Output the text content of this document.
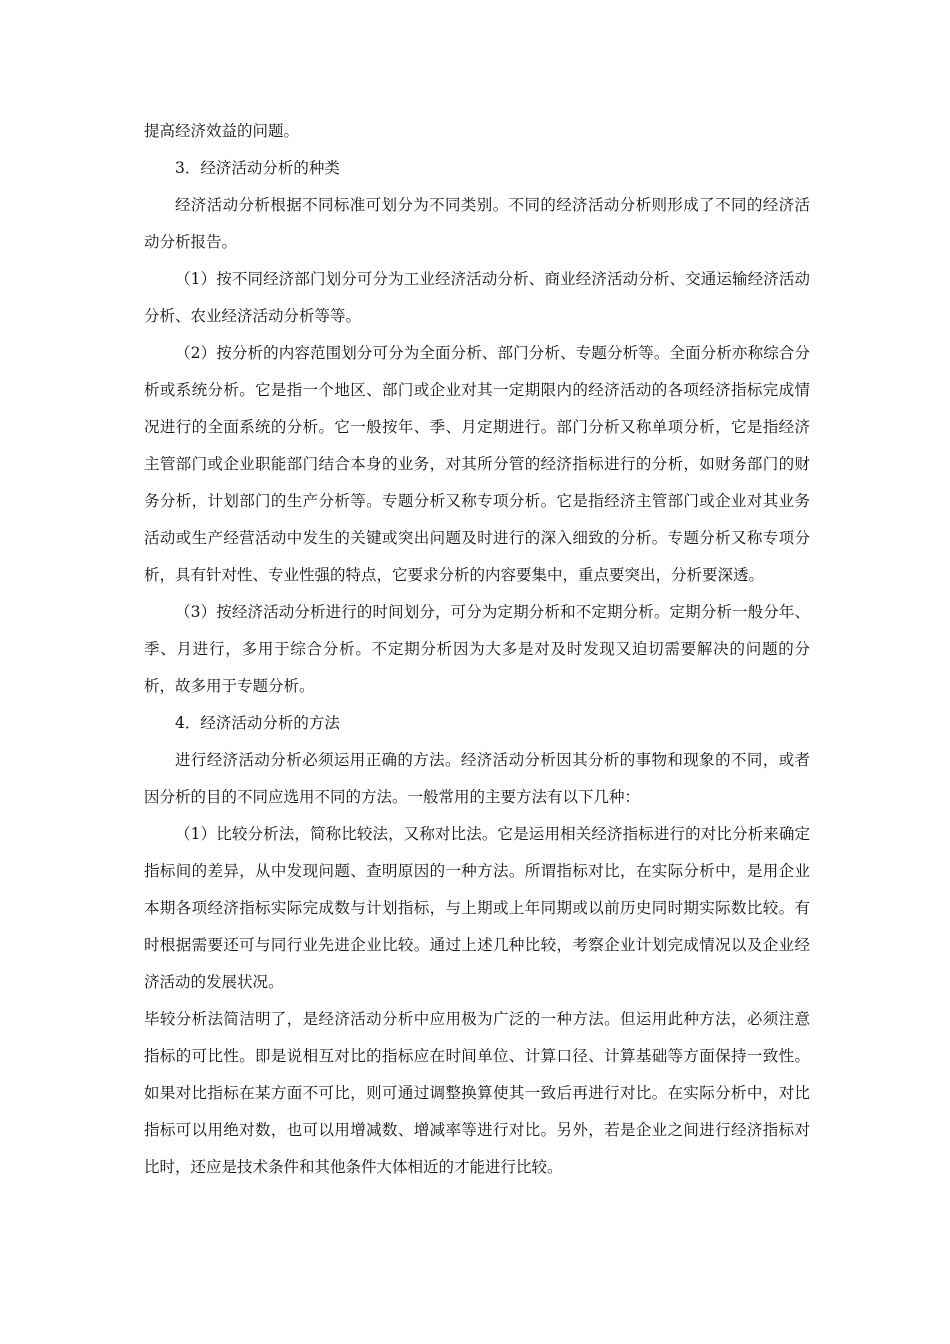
提高经济效益的问题。

3．经济活动分析的种类

经济活动分析根据不同标准可划分为不同类别。不同的经济活动分析则形成了不同的经济活动分析报告。

（1）按不同经济部门划分可分为工业经济活动分析、商业经济活动分析、交通运输经济活动分析、农业经济活动分析等等。

（2）按分析的内容范围划分可分为全面分析、部门分析、专题分析等。全面分析亦称综合分析或系统分析。它是指一个地区、部门或企业对其一定期限内的经济活动的各项经济指标完成情况进行的全面系统的分析。它一般按年、季、月定期进行。部门分析又称单项分析，它是指经济主管部门或企业职能部门结合本身的业务，对其所分管的经济指标进行的分析，如财务部门的财务分析，计划部门的生产分析等。专题分析又称专项分析。它是指经济主管部门或企业对其业务活动或生产经营活动中发生的关键或突出问题及时进行的深入细致的分析。专题分析又称专项分析，具有针对性、专业性强的特点，它要求分析的内容要集中，重点要突出，分析要深透。

（3）按经济活动分析进行的时间划分，可分为定期分析和不定期分析。定期分析一般分年、季、月进行，多用于综合分析。不定期分析因为大多是对及时发现又迫切需要解决的问题的分析，故多用于专题分析。

4．经济活动分析的方法

进行经济活动分析必须运用正确的方法。经济活动分析因其分析的事物和现象的不同，或者因分析的目的不同应选用不同的方法。一般常用的主要方法有以下几种：

（1）比较分析法，简称比较法，又称对比法。它是运用相关经济指标进行的对比分析来确定指标间的差异，从中发现问题、查明原因的一种方法。所谓指标对比，在实际分析中，是用企业本期各项经济指标实际完成数与计划指标，与上期或上年同期或以前历史同时期实际数比较。有时根据需要还可与同行业先进企业比较。通过上述几种比较，考察企业计划完成情况以及企业经济活动的发展状况。

毕较分析法简洁明了，是经济活动分析中应用极为广泛的一种方法。但运用此种方法，必须注意指标的可比性。即是说相互对比的指标应在时间单位、计算口径、计算基础等方面保持一致性。如果对比指标在某方面不可比，则可通过调整换算使其一致后再进行对比。在实际分析中，对比指标可以用绝对数，也可以用增减数、增减率等进行对比。另外，若是企业之间进行经济指标对比时，还应是技术条件和其他条件大体相近的才能进行比较。
